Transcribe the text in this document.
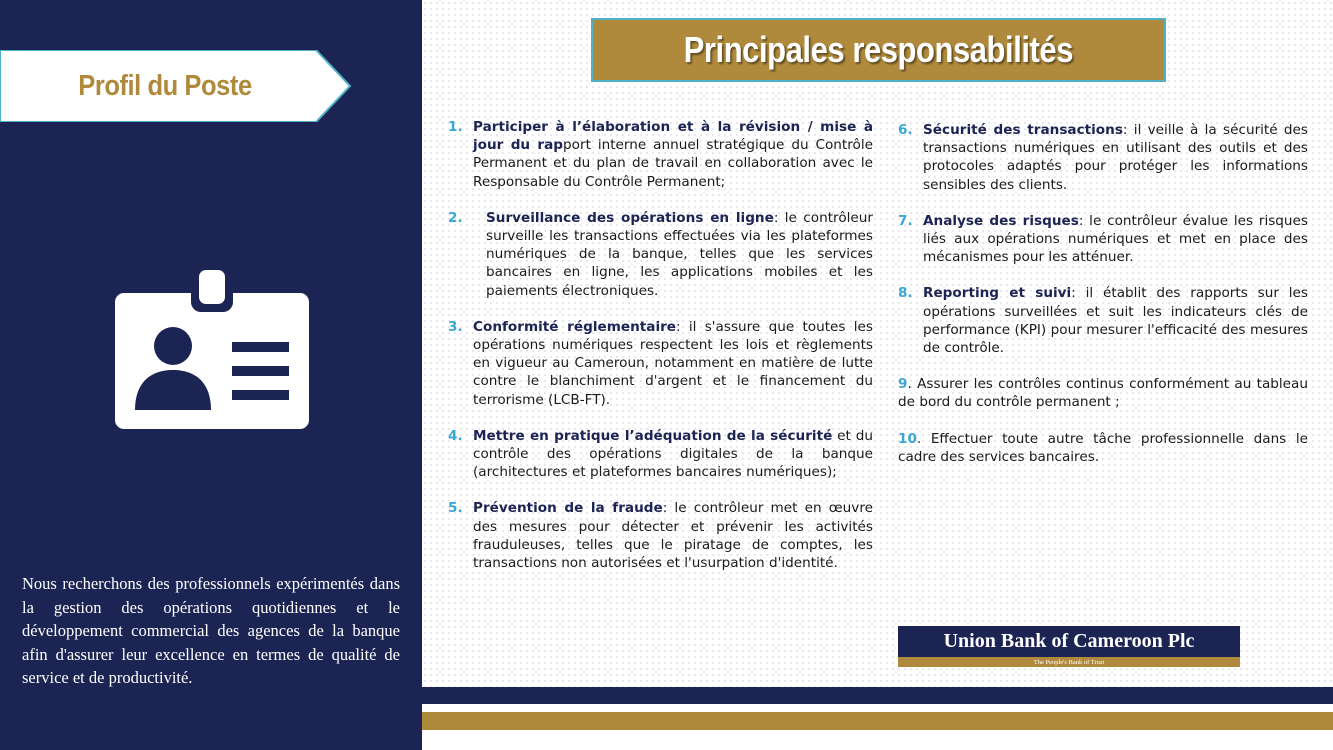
Profil du Poste

Nous recherchons des professionnels expérimentés dans la gestion des opérations quotidiennes et le développement commercial des agences de la banque afin d'assurer leur excellence en termes de qualité de service et de productivité.

Principales responsabilités
1. Participer à l’élaboration et à la révision / mise à jour du rapport interne annuel stratégique du Contrôle Permanent et du plan de travail en collaboration avec le Responsable du Contrôle Permanent;
2.	Surveillance des opérations en ligne: le contrôleur surveille les transactions effectuées via les plateformes numériques de la banque, telles que les services bancaires en ligne, les applications mobiles et les paiements électroniques.
3. Conformité réglementaire: il s'assure que toutes les opérations numériques respectent les lois et règlements en vigueur au Cameroun, notamment en matière de lutte contre le blanchiment d'argent et le financement du terrorisme (LCB-FT).
4. Mettre en pratique l’adéquation de la sécurité et du contrôle des opérations digitales de la banque (architectures et plateformes bancaires numériques);
5. Prévention de la fraude: le contrôleur met en œuvre des mesures pour détecter et prévenir les activités frauduleuses, telles que le piratage de comptes, les transactions non autorisées et l'usurpation d'identité.
6. Sécurité des transactions: il veille à la sécurité des transactions numériques en utilisant des outils et des protocoles adaptés pour protéger les informations sensibles des clients.
7. Analyse des risques: le contrôleur évalue les risques liés aux opérations numériques et met en place des mécanismes pour les atténuer.
8. Reporting et suivi: il établit des rapports sur les opérations surveillées et suit les indicateurs clés de performance (KPI) pour mesurer l'efficacité des mesures de contrôle.

9. Assurer les contrôles continus conformément au tableau de bord du contrôle permanent ;

10. Effectuer toute autre tâche professionnelle dans le cadre des services bancaires.

Union Bank of Cameroon Plc
The People's Bank of Trust
